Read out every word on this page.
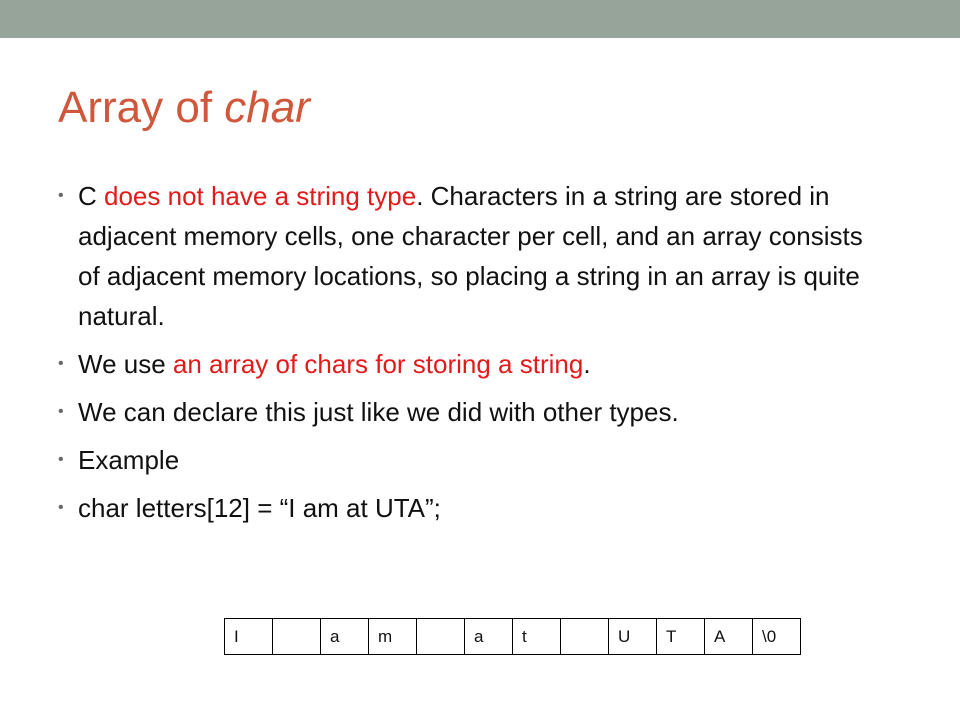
Array of char
• C does not have a string type. Characters in a string are stored in adjacent memory cells, one character per cell, and an array consists of adjacent memory locations, so placing a string in an array is quite natural.
• We use an array of chars for storing a string.
• We can declare this just like we did with other types.
• Example
• char letters[12] = “I am at UTA”;
I		a	m		a	t		U	T	A	\0
